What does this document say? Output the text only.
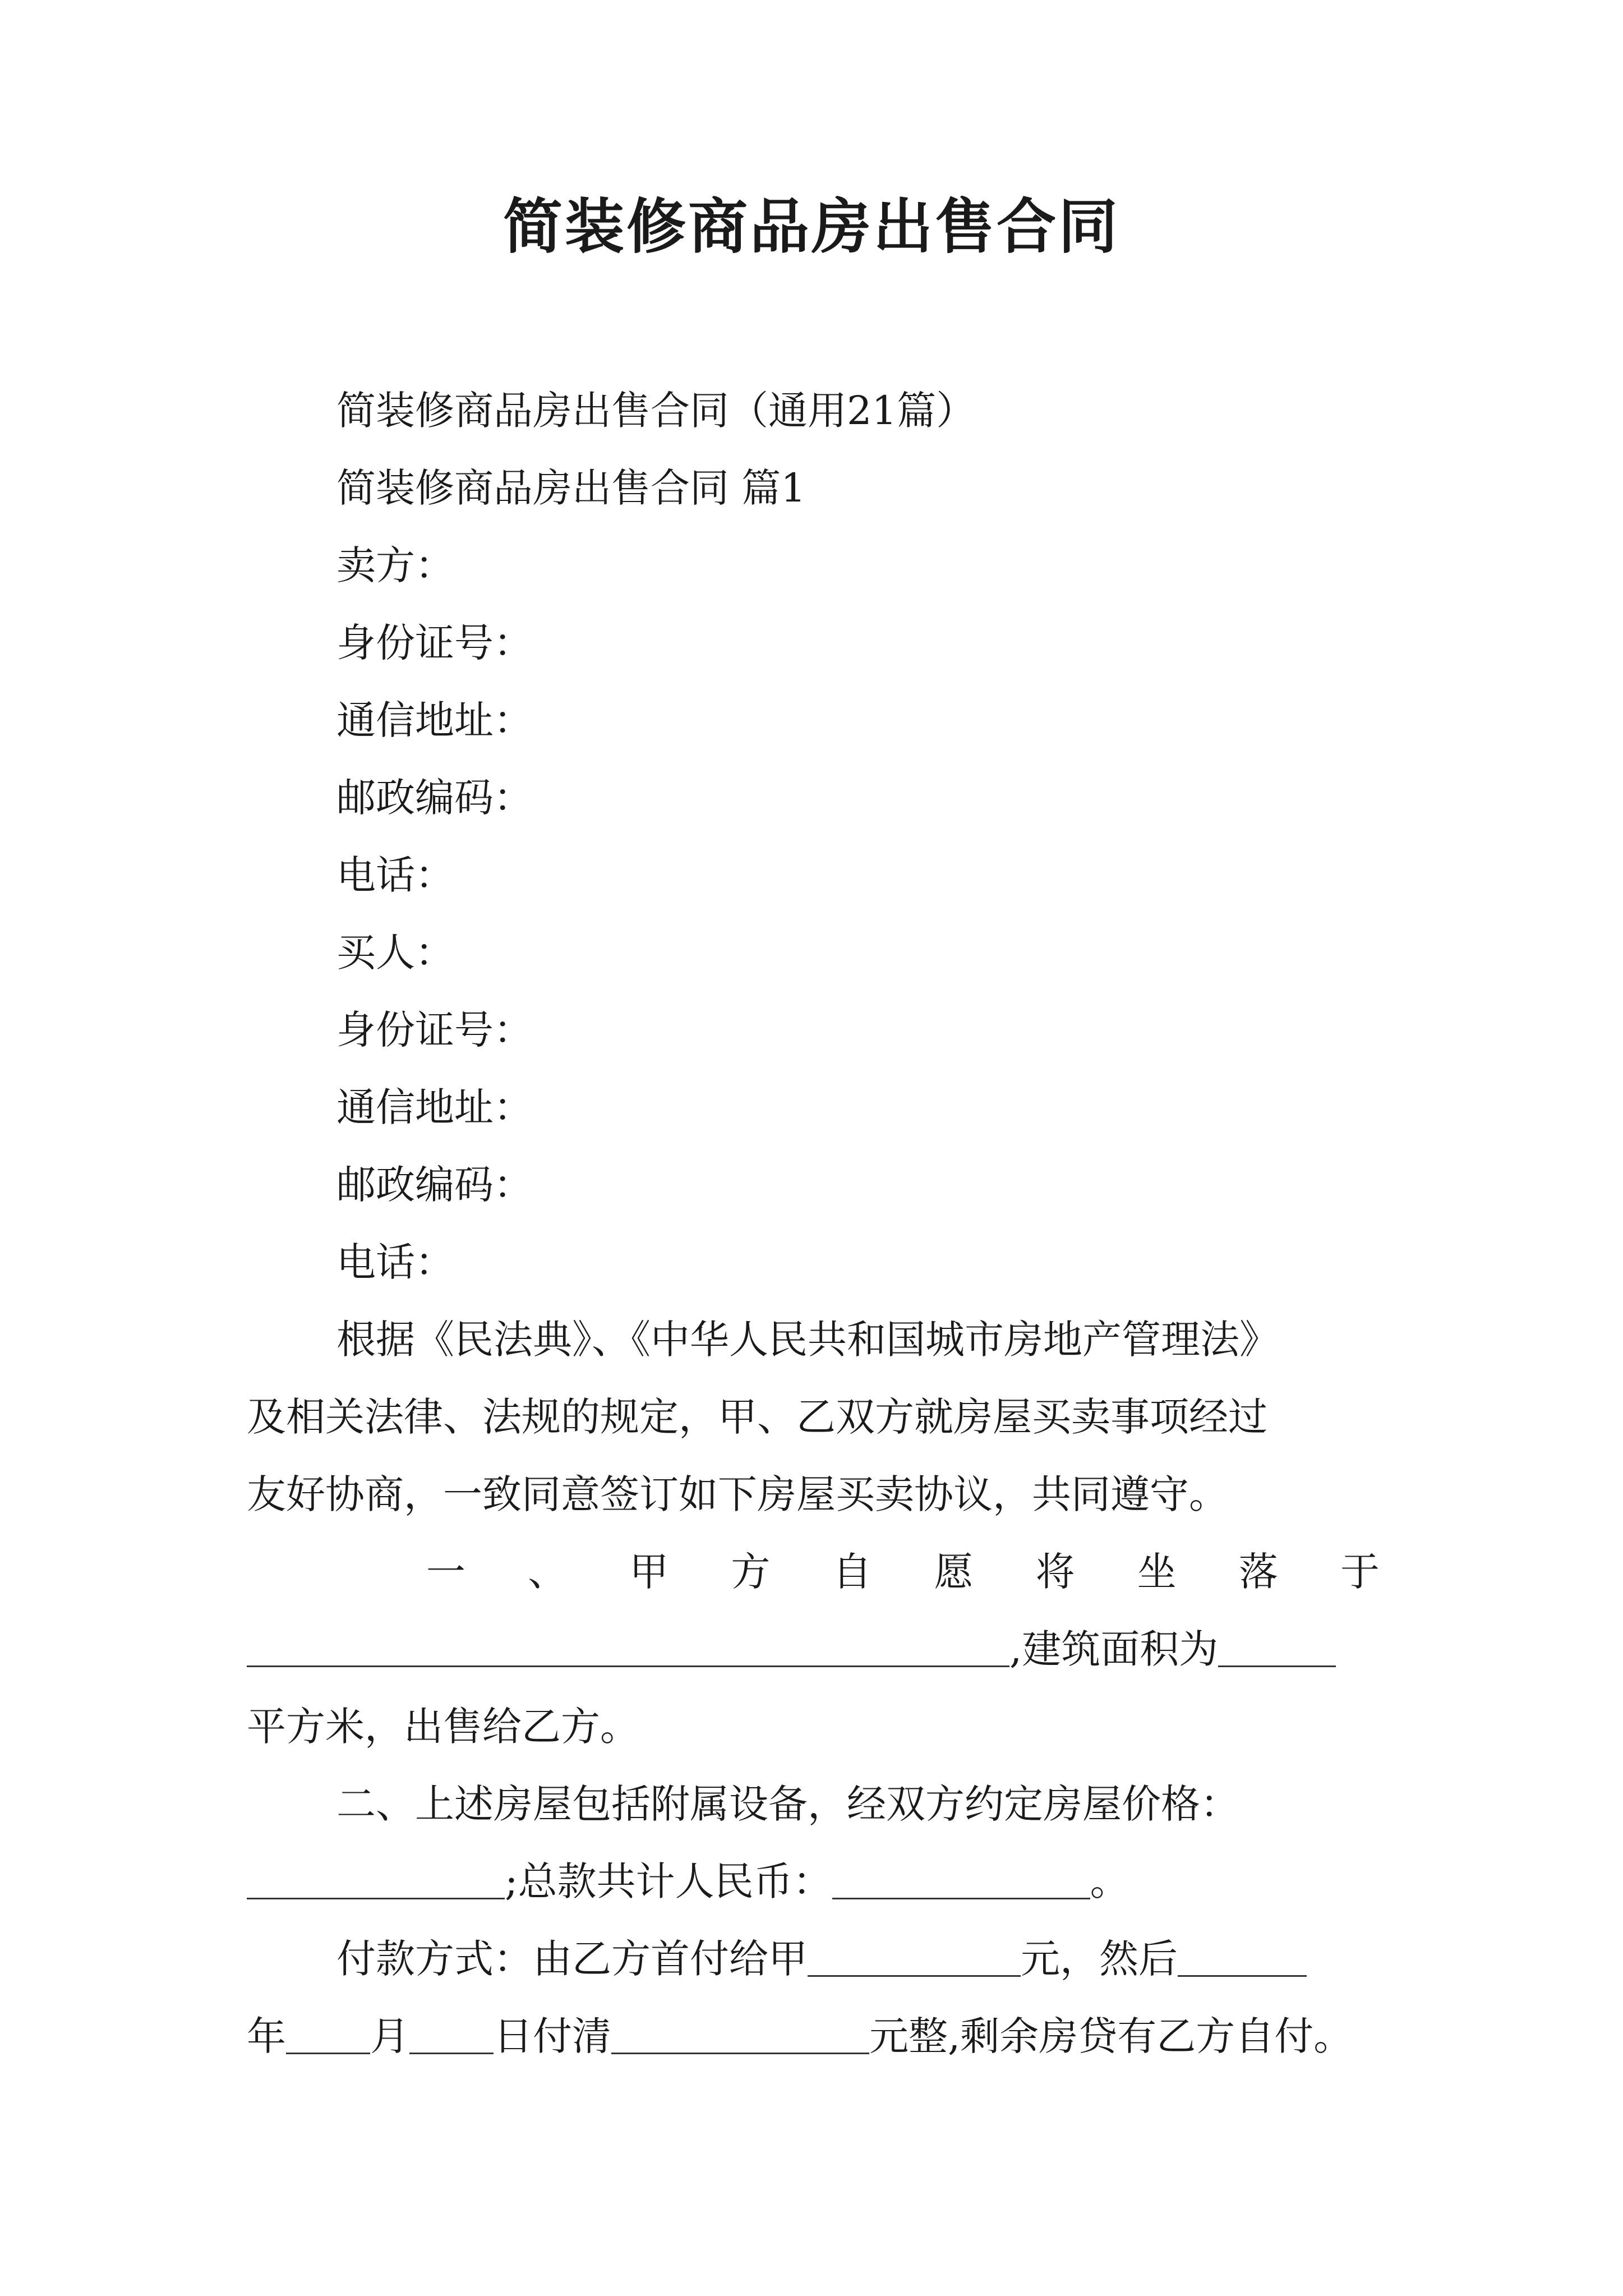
简装修商品房出售合同
简装修商品房出售合同（通用21篇）
简装修商品房出售合同 篇1
卖方：
身份证号：
通信地址：
邮政编码：
电话：
买人：
身份证号：
通信地址：
邮政编码：
电话：
根据《民法典》、《中华人民共和国城市房地产管理法》
及相关法律、法规的规定，甲、乙双方就房屋买卖事项经过
友好协商，一致同意签订如下房屋买卖协议，共同遵守。
一 、 甲 方 自 愿 将 坐 落 于
,建筑面积为
平方米，出售给乙方。
二、上述房屋包括附属设备，经双方约定房屋价格：
;总款共计人民币：	。
付款方式：由乙方首付给甲	元，然后
年 月 日付清	元整,剩余房贷有乙方自付。
